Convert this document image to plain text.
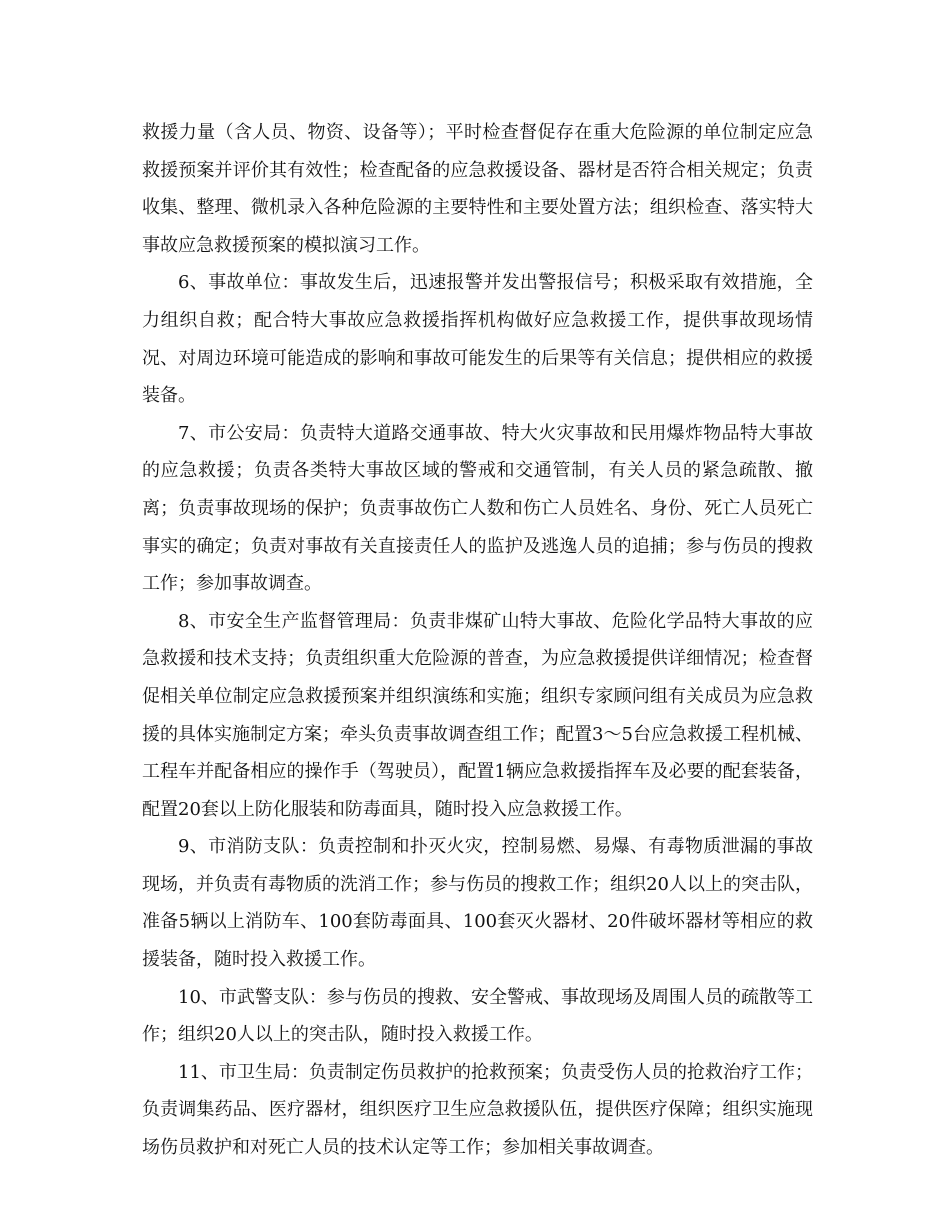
救援力量（含人员、物资、设备等）；平时检查督促存在重大危险源的单位制定应急救援预案并评价其有效性；检查配备的应急救援设备、器材是否符合相关规定；负责收集、整理、微机录入各种危险源的主要特性和主要处置方法；组织检查、落实特大事故应急救援预案的模拟演习工作。

6、事故单位：事故发生后，迅速报警并发出警报信号；积极采取有效措施，全力组织自救；配合特大事故应急救援指挥机构做好应急救援工作，提供事故现场情况、对周边环境可能造成的影响和事故可能发生的后果等有关信息；提供相应的救援装备。

7、市公安局：负责特大道路交通事故、特大火灾事故和民用爆炸物品特大事故的应急救援；负责各类特大事故区域的警戒和交通管制，有关人员的紧急疏散、撤离；负责事故现场的保护；负责事故伤亡人数和伤亡人员姓名、身份、死亡人员死亡事实的确定；负责对事故有关直接责任人的监护及逃逸人员的追捕；参与伤员的搜救工作；参加事故调查。

8、市安全生产监督管理局：负责非煤矿山特大事故、危险化学品特大事故的应急救援和技术支持；负责组织重大危险源的普查，为应急救援提供详细情况；检查督促相关单位制定应急救援预案并组织演练和实施；组织专家顾问组有关成员为应急救援的具体实施制定方案；牵头负责事故调查组工作；配置3～5台应急救援工程机械、工程车并配备相应的操作手（驾驶员），配置1辆应急救援指挥车及必要的配套装备，配置20套以上防化服装和防毒面具，随时投入应急救援工作。

9、市消防支队：负责控制和扑灭火灾，控制易燃、易爆、有毒物质泄漏的事故现场，并负责有毒物质的洗消工作；参与伤员的搜救工作；组织20人以上的突击队，准备5辆以上消防车、100套防毒面具、100套灭火器材、20件破坏器材等相应的救援装备，随时投入救援工作。

10、市武警支队：参与伤员的搜救、安全警戒、事故现场及周围人员的疏散等工作；组织20人以上的突击队，随时投入救援工作。

11、市卫生局：负责制定伤员救护的抢救预案；负责受伤人员的抢救治疗工作；负责调集药品、医疗器材，组织医疗卫生应急救援队伍，提供医疗保障；组织实施现场伤员救护和对死亡人员的技术认定等工作；参加相关事故调查。
